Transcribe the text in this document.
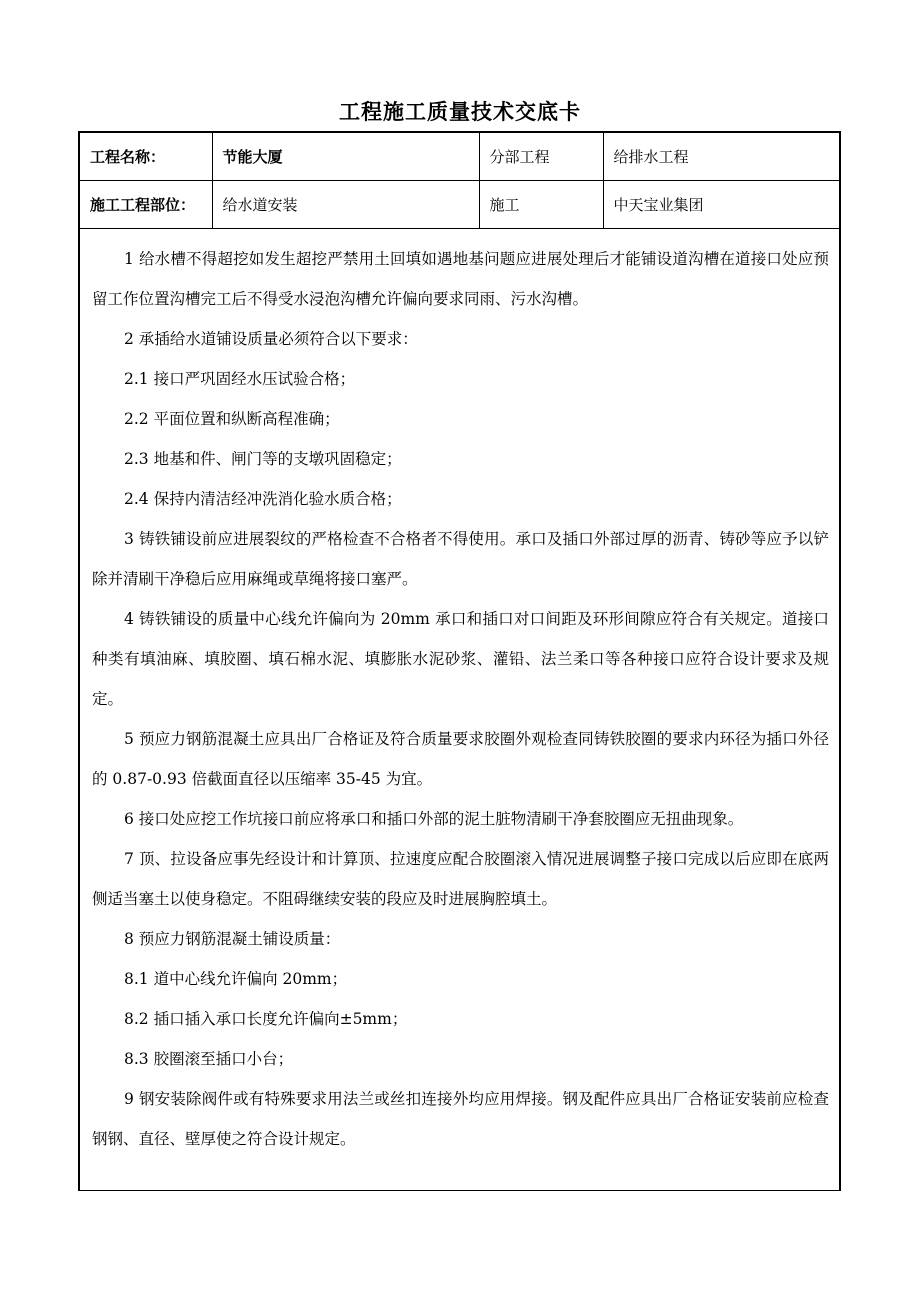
工程施工质量技术交底卡
工程名称：	节能大厦	分部工程	给排水工程
施工工程部位：	给水道安装	施工	中天宝业集团

1 给水槽不得超挖如发生超挖严禁用土回填如遇地基问题应进展处理后才能铺设道沟槽在道接口处应预留工作位置沟槽完工后不得受水浸泡沟槽允许偏向要求同雨、污水沟槽。

2 承插给水道铺设质量必须符合以下要求：

2.1 接口严巩固经水压试验合格；

2.2 平面位置和纵断高程准确；

2.3 地基和件、闸门等的支墩巩固稳定；

2.4 保持内清洁经冲洗消化验水质合格；

3 铸铁铺设前应进展裂纹的严格检查不合格者不得使用。承口及插口外部过厚的沥青、铸砂等应予以铲除并清刷干净稳后应用麻绳或草绳将接口塞严。

4 铸铁铺设的质量中心线允许偏向为 20mm 承口和插口对口间距及环形间隙应符合有关规定。道接口种类有填油麻、填胶圈、填石棉水泥、填膨胀水泥砂浆、灌铅、法兰柔口等各种接口应符合设计要求及规定。

5 预应力钢筋混凝土应具出厂合格证及符合质量要求胶圈外观检查同铸铁胶圈的要求内环径为插口外径的 0.87-0.93 倍截面直径以压缩率 35-45 为宜。

6 接口处应挖工作坑接口前应将承口和插口外部的泥土脏物清刷干净套胶圈应无扭曲现象。

7 顶、拉设备应事先经设计和计算顶、拉速度应配合胶圈滚入情况进展调整子接口完成以后应即在底两侧适当塞土以使身稳定。不阻碍继续安装的段应及时进展胸腔填土。

8 预应力钢筋混凝土铺设质量：

8.1 道中心线允许偏向 20mm；

8.2 插口插入承口长度允许偏向±5mm；

8.3 胶圈滚至插口小台；

9 钢安装除阀件或有特殊要求用法兰或丝扣连接外均应用焊接。钢及配件应具出厂合格证安装前应检查钢钢、直径、壁厚使之符合设计规定。
